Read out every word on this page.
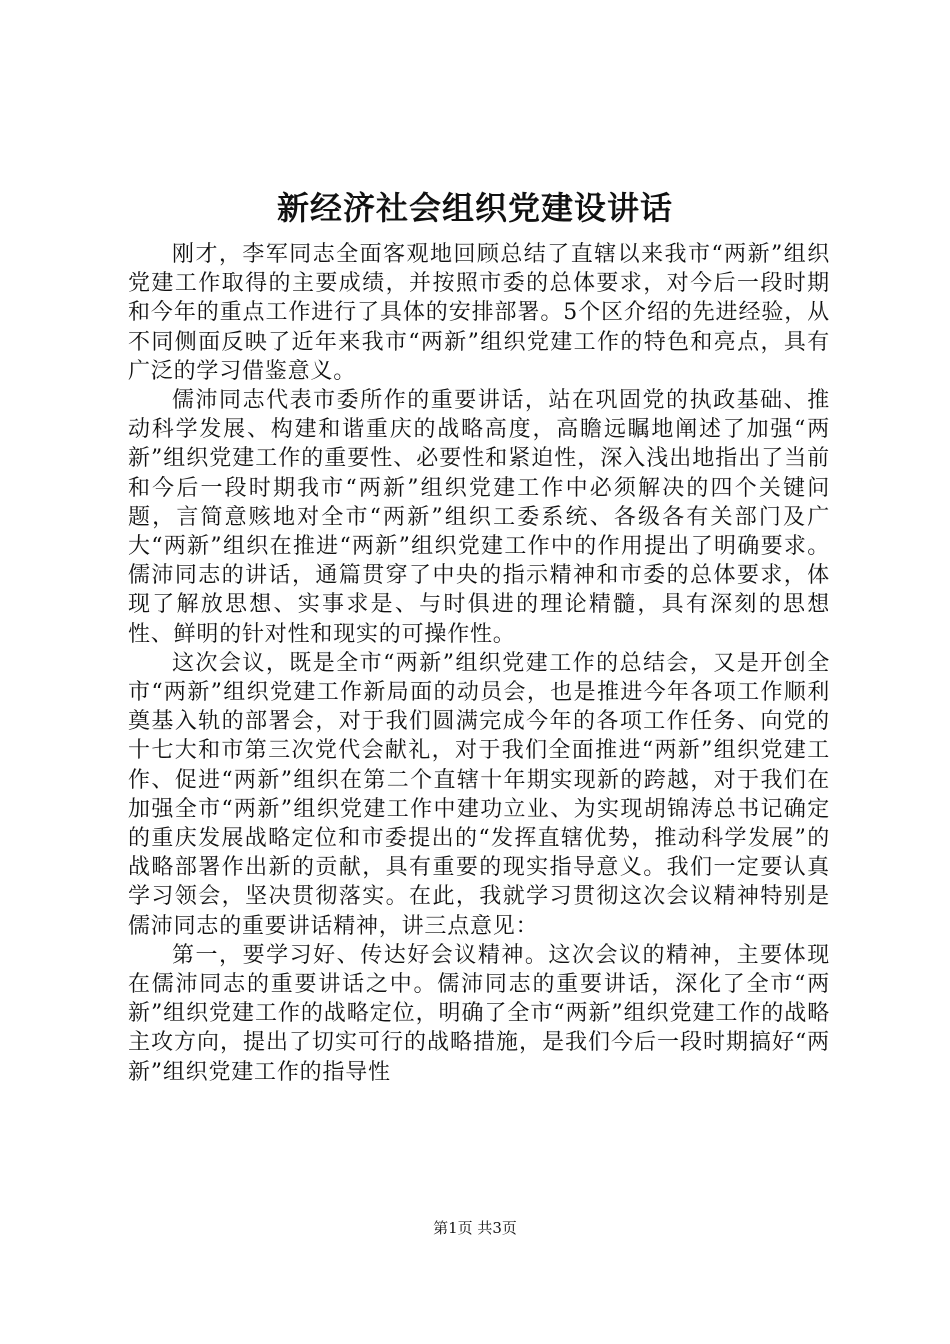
新经济社会组织党建设讲话

刚才，李军同志全面客观地回顾总结了直辖以来我市“两新”组织党建工作取得的主要成绩，并按照市委的总体要求，对今后一段时期和今年的重点工作进行了具体的安排部署。5个区介绍的先进经验，从不同侧面反映了近年来我市“两新”组织党建工作的特色和亮点，具有广泛的学习借鉴意义。

儒沛同志代表市委所作的重要讲话，站在巩固党的执政基础、推动科学发展、构建和谐重庆的战略高度，高瞻远瞩地阐述了加强“两新”组织党建工作的重要性、必要性和紧迫性，深入浅出地指出了当前和今后一段时期我市“两新”组织党建工作中必须解决的四个关键问题，言简意赅地对全市“两新”组织工委系统、各级各有关部门及广大“两新”组织在推进“两新”组织党建工作中的作用提出了明确要求。儒沛同志的讲话，通篇贯穿了中央的指示精神和市委的总体要求，体现了解放思想、实事求是、与时俱进的理论精髓，具有深刻的思想性、鲜明的针对性和现实的可操作性。

这次会议，既是全市“两新”组织党建工作的总结会，又是开创全市“两新”组织党建工作新局面的动员会，也是推进今年各项工作顺利奠基入轨的部署会，对于我们圆满完成今年的各项工作任务、向党的十七大和市第三次党代会献礼，对于我们全面推进“两新”组织党建工作、促进“两新”组织在第二个直辖十年期实现新的跨越，对于我们在加强全市“两新”组织党建工作中建功立业、为实现胡锦涛总书记确定的重庆发展战略定位和市委提出的“发挥直辖优势，推动科学发展”的战略部署作出新的贡献，具有重要的现实指导意义。我们一定要认真学习领会，坚决贯彻落实。在此，我就学习贯彻这次会议精神特别是儒沛同志的重要讲话精神，讲三点意见：

第一，要学习好、传达好会议精神。这次会议的精神，主要体现在儒沛同志的重要讲话之中。儒沛同志的重要讲话，深化了全市“两新”组织党建工作的战略定位，明确了全市“两新”组织党建工作的战略主攻方向，提出了切实可行的战略措施，是我们今后一段时期搞好“两新”组织党建工作的指导性

第1页 共3页
